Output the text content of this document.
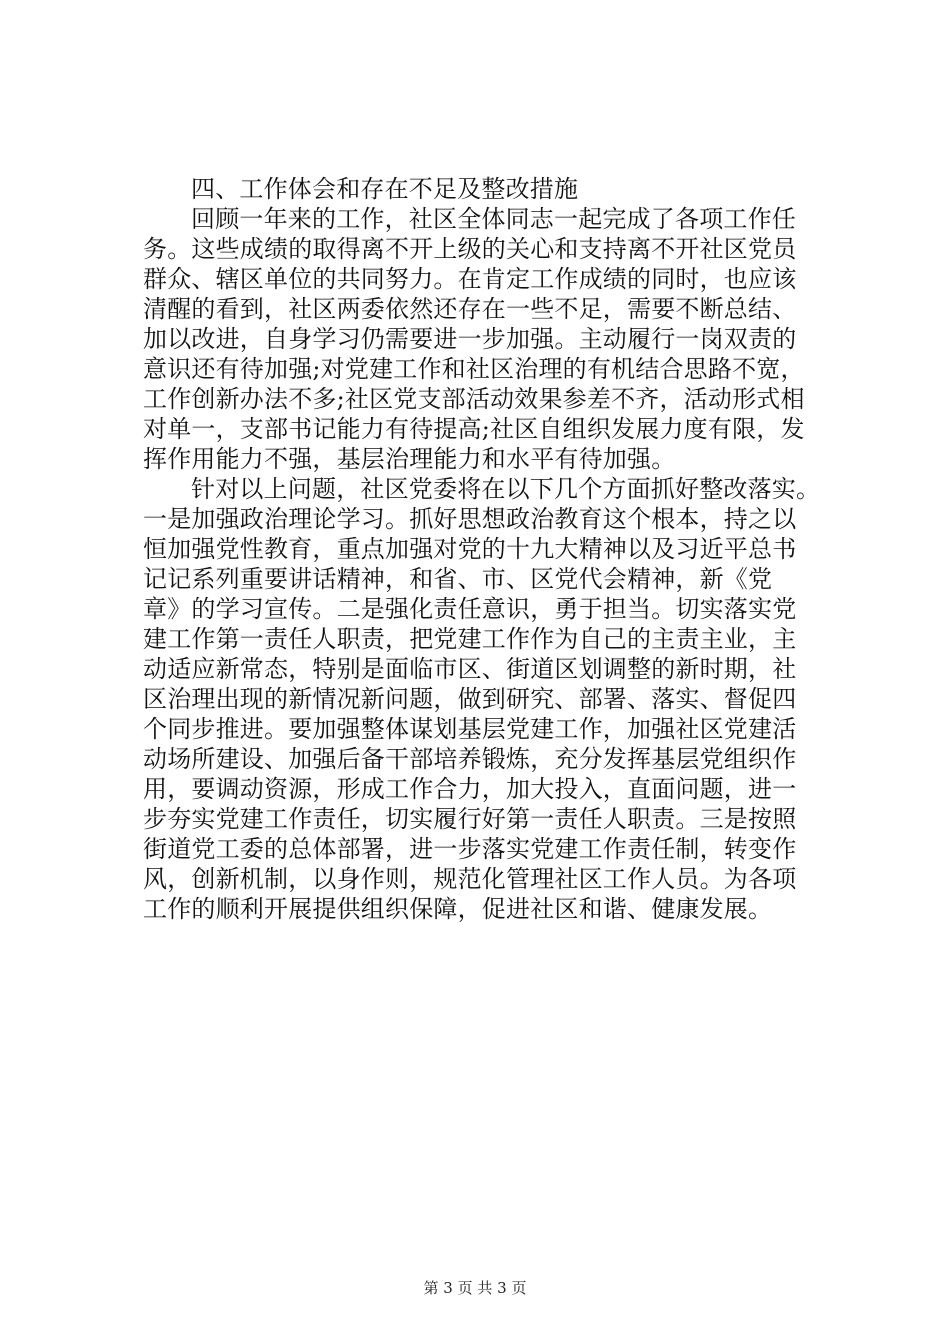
四、工作体会和存在不足及整改措施
回顾一年来的工作，社区全体同志一起完成了各项工作任
务。这些成绩的取得离不开上级的关心和支持离不开社区党员
群众、辖区单位的共同努力。在肯定工作成绩的同时，也应该
清醒的看到，社区两委依然还存在一些不足，需要不断总结、
加以改进，自身学习仍需要进一步加强。主动履行一岗双责的
意识还有待加强;对党建工作和社区治理的有机结合思路不宽，
工作创新办法不多;社区党支部活动效果参差不齐，活动形式相
对单一，支部书记能力有待提高;社区自组织发展力度有限，发
挥作用能力不强，基层治理能力和水平有待加强。
针对以上问题，社区党委将在以下几个方面抓好整改落实。
一是加强政治理论学习。抓好思想政治教育这个根本，持之以
恒加强党性教育，重点加强对党的十九大精神以及习近平总书
记记系列重要讲话精神，和省、市、区党代会精神，新《党
章》的学习宣传。二是强化责任意识，勇于担当。切实落实党
建工作第一责任人职责，把党建工作作为自己的主责主业，主
动适应新常态，特别是面临市区、街道区划调整的新时期，社
区治理出现的新情况新问题，做到研究、部署、落实、督促四
个同步推进。要加强整体谋划基层党建工作，加强社区党建活
动场所建设、加强后备干部培养锻炼，充分发挥基层党组织作
用，要调动资源，形成工作合力，加大投入，直面问题，进一
步夯实党建工作责任，切实履行好第一责任人职责。三是按照
街道党工委的总体部署，进一步落实党建工作责任制，转变作
风，创新机制，以身作则，规范化管理社区工作人员。为各项
工作的顺利开展提供组织保障，促进社区和谐、健康发展。
第 3 页 共 3 页
